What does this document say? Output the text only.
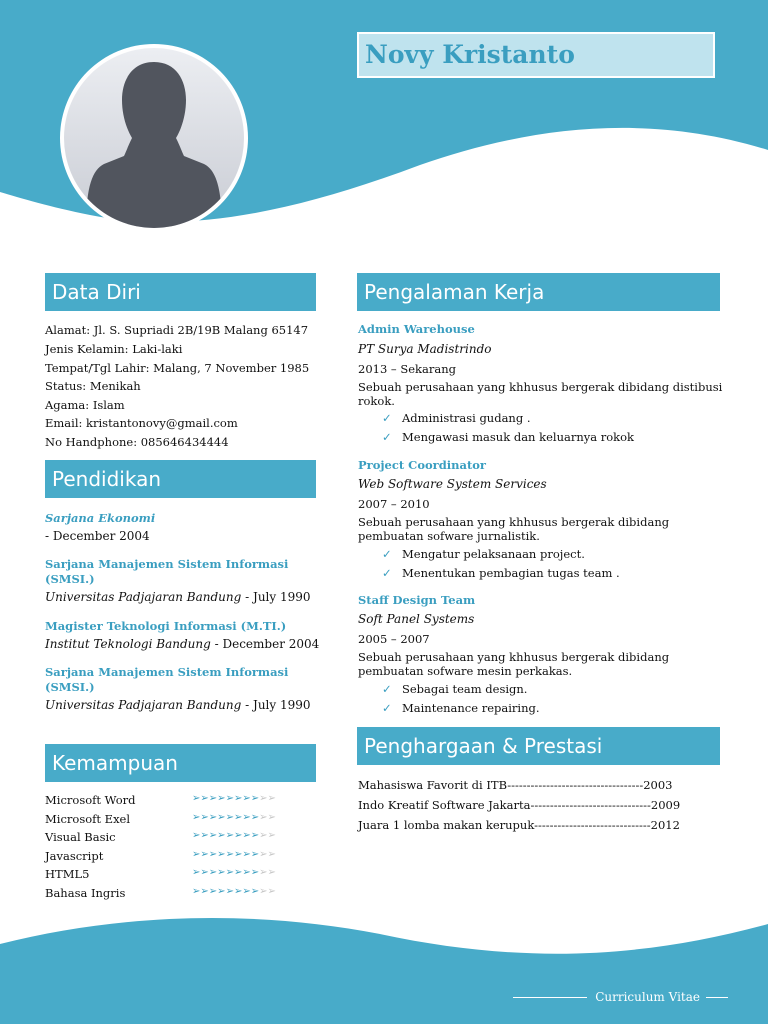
Novy Kristanto
Data Diri
Alamat: Jl. S. Supriadi 2B/19B Malang 65147
Jenis Kelamin: Laki-laki
Tempat/Tgl Lahir: Malang, 7 November 1985
Status: Menikah
Agama: Islam
Email: kristantonovy@gmail.com
No Handphone: 085646434444
Pendidikan
Sarjana Ekonomi
- December 2004
Sarjana Manajemen Sistem Informasi (SMSI.)
Universitas Padjajaran Bandung - July 1990
Magister Teknologi Informasi (M.TI.)
Institut Teknologi Bandung - December 2004
Sarjana Manajemen Sistem Informasi (SMSI.)
Universitas Padjajaran Bandung - July 1990
Kemampuan
Microsoft Word	➢➢➢➢➢➢➢➢➢➢
Microsoft Exel	➢➢➢➢➢➢➢➢➢➢
Visual Basic	➢➢➢➢➢➢➢➢➢➢
Javascript	➢➢➢➢➢➢➢➢➢➢
HTML5	➢➢➢➢➢➢➢➢➢➢
Bahasa Ingris	➢➢➢➢➢➢➢➢➢➢
Pengalaman Kerja
Admin Warehouse
PT Surya Madistrindo
2013 – Sekarang
Sebuah perusahaan yang khhusus bergerak dibidang distibusi rokok.
✓ Administrasi gudang .
✓ Mengawasi masuk dan keluarnya rokok
Project Coordinator
Web Software System Services
2007 – 2010
Sebuah perusahaan yang khhusus bergerak dibidang pembuatan sofware jurnalistik.
✓ Mengatur pelaksanaan project.
✓ Menentukan pembagian tugas team .
Staff Design Team
Soft Panel Systems
2005 – 2007
Sebuah perusahaan yang khhusus bergerak dibidang pembuatan sofware mesin perkakas.
✓ Sebagai team design.
✓ Maintenance repairing.
Penghargaan & Prestasi
Mahasiswa Favorit di ITB-----------------------------------2003
Indo Kreatif Software Jakarta-------------------------------2009
Juara 1 lomba makan kerupuk------------------------------2012
Curriculum Vitae
